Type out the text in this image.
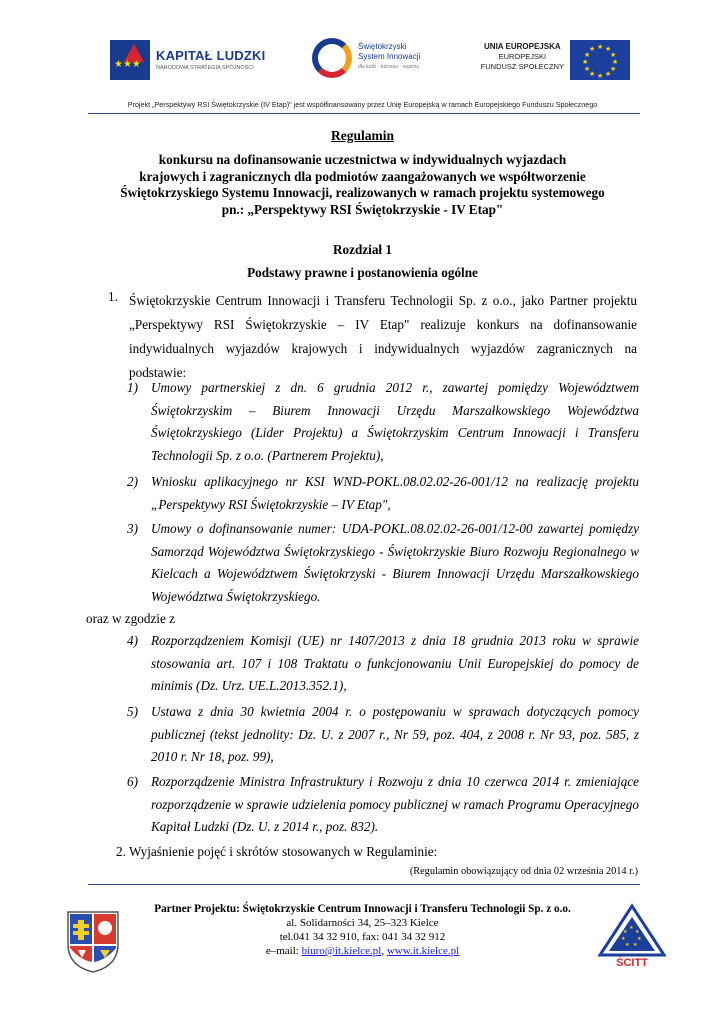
★★★
KAPITAŁ LUDZKI
NARODOWA STRATEGIA SPÓJNOŚCI
Świętokrzyski
System Innowacji
dla ludzi · biznesu · regionu
UNIA EUROPEJSKA
EUROPEJSKI
FUNDUSZ SPOŁECZNY
★ ★
★
★
★
★
★
★
★
★
★
★
Projekt „Perspektywy RSI Świętokrzyskie (IV Etap)" jest współfinansowany przez Unię Europejską w ramach Europejskiego Funduszu Społecznego
Regulamin
konkursu na dofinansowanie uczestnictwa w indywidualnych wyjazdach
krajowych i zagranicznych dla podmiotów zaangażowanych we współtworzenie
Świętokrzyskiego Systemu Innowacji, realizowanych w ramach projektu systemowego
pn.: „Perspektywy RSI Świętokrzyskie - IV Etap"
Rozdział 1
Podstawy prawne i postanowienia ogólne
1. Świętokrzyskie Centrum Innowacji i Transferu Technologii Sp. z o.o., jako Partner projektu „Perspektywy RSI Świętokrzyskie – IV Etap" realizuje konkurs na dofinansowanie indywidualnych wyjazdów krajowych i indywidualnych wyjazdów zagranicznych na podstawie:
1) Umowy partnerskiej z dn. 6 grudnia 2012 r., zawartej pomiędzy Województwem Świętokrzyskim – Biurem Innowacji Urzędu Marszałkowskiego Województwa Świętokrzyskiego (Lider Projektu) a Świętokrzyskim Centrum Innowacji i Transferu Technologii Sp. z o.o. (Partnerem Projektu),
2) Wniosku aplikacyjnego nr KSI WND-POKL.08.02.02-26-001/12 na realizację projektu „Perspektywy RSI Świętokrzyskie – IV Etap",
3) Umowy o dofinansowanie numer: UDA-POKL.08.02.02-26-001/12-00 zawartej pomiędzy Samorząd Województwa Świętokrzyskiego - Świętokrzyskie Biuro Rozwoju Regionalnego w Kielcach a Województwem Świętokrzyski - Biurem Innowacji Urzędu Marszałkowskiego Województwa Świętokrzyskiego.
oraz w zgodzie z
4) Rozporządzeniem Komisji (UE) nr 1407/2013 z dnia 18 grudnia 2013 roku w sprawie stosowania art. 107 i 108 Traktatu o funkcjonowaniu Unii Europejskiej do pomocy de minimis (Dz. Urz. UE.L.2013.352.1),
5) Ustawa z dnia 30 kwietnia 2004 r. o postępowaniu w sprawach dotyczących pomocy publicznej (tekst jednolity: Dz. U. z 2007 r., Nr 59, poz. 404, z 2008 r. Nr 93, poz. 585, z 2010 r. Nr 18, poz. 99),
6) Rozporządzenie Ministra Infrastruktury i Rozwoju z dnia 10 czerwca 2014 r. zmieniające rozporządzenie w sprawie udzielenia pomocy publicznej w ramach Programu Operacyjnego Kapitał Ludzki (Dz. U. z 2014 r., poz. 832).
2. Wyjaśnienie pojęć i skrótów stosowanych w Regulaminie:
(Regulamin obowiązujący od dnia 02 września 2014 r.)
Partner Projektu: Świętokrzyskie Centrum Innowacji i Transferu Technologii Sp. z o.o.
al. Solidarności 34, 25–323 Kielce
tel.041 34 32 910, fax: 041 34 32 912
e–mail: biuro@it.kielce.pl, www.it.kielce.pl
★
★
★
★
★
★
★
ŚCITT
